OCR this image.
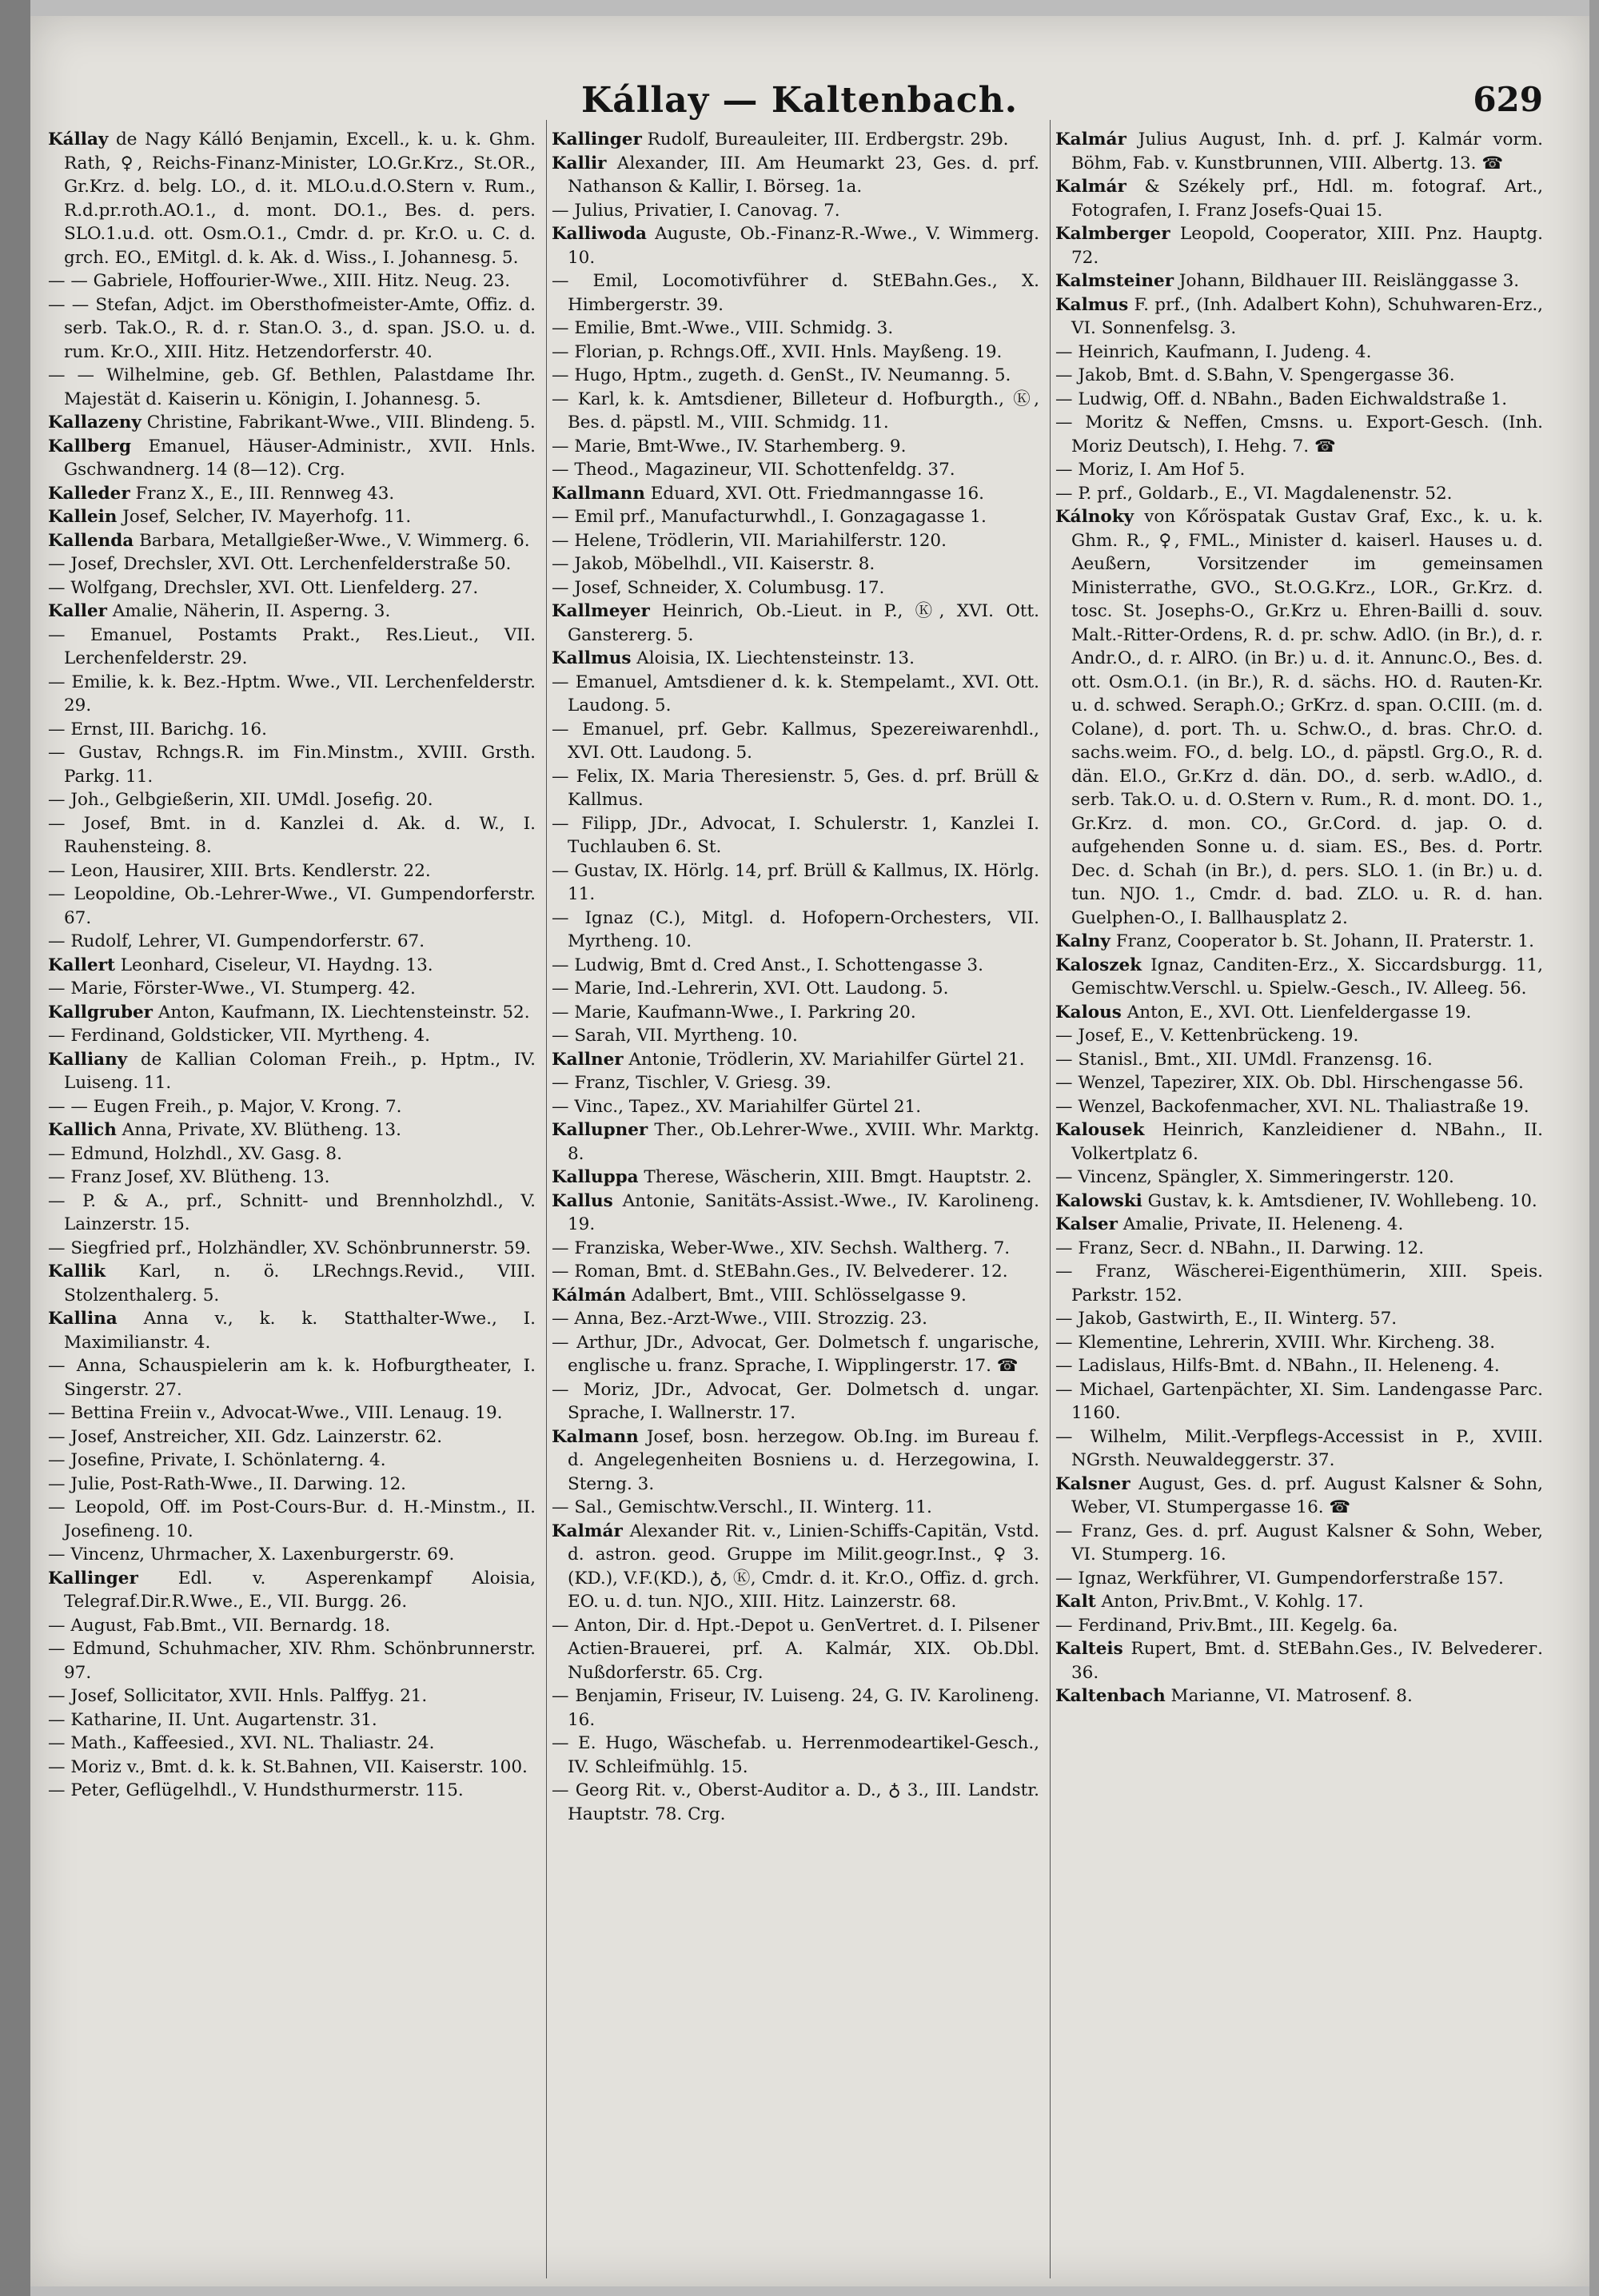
Kállay — Kaltenbach.	629
Kállay de Nagy Kálló Benjamin, Excell., k. u. k. Ghm. Rath, ♀, Reichs-Finanz-Minister, LO.Gr.Krz., St.OR., Gr.Krz. d. belg. LO., d. it. MLO.u.d.O.Stern v. Rum., R.d.pr.roth.AO.1., d. mont. DO.1., Bes. d. pers. SLO.1.u.d. ott. Osm.O.1., Cmdr. d. pr. Kr.O. u. C. d. grch. EO., EMitgl. d. k. Ak. d. Wiss., I. Johannesg. 5.
— — Gabriele, Hoffourier-Wwe., XIII. Hitz. Neug. 23.
— — Stefan, Adjct. im Obersthofmeister-Amte, Offiz. d. serb. Tak.O., R. d. r. Stan.O. 3., d. span. JS.O. u. d. rum. Kr.O., XIII. Hitz. Hetzendorferstr. 40.
— — Wilhelmine, geb. Gf. Bethlen, Palastdame Ihr. Majestät d. Kaiserin u. Königin, I. Johannesg. 5.
Kallazeny Christine, Fabrikant-Wwe., VIII. Blindeng. 5.
Kallberg Emanuel, Häuser-Administr., XVII. Hnls. Gschwandnerg. 14 (8—12). Crg.
Kalleder Franz X., E., III. Rennweg 43.
Kallein Josef, Selcher, IV. Mayerhofg. 11.
Kallenda Barbara, Metallgießer-Wwe., V. Wimmerg. 6.
— Josef, Drechsler, XVI. Ott. Lerchenfelderstraße 50.
— Wolfgang, Drechsler, XVI. Ott. Lienfelderg. 27.
Kaller Amalie, Näherin, II. Asperng. 3.
— Emanuel, Postamts Prakt., Res.Lieut., VII. Lerchenfelderstr. 29.
— Emilie, k. k. Bez.-Hptm. Wwe., VII. Lerchenfelderstr. 29.
— Ernst, III. Barichg. 16.
— Gustav, Rchngs.R. im Fin.Minstm., XVIII. Grsth. Parkg. 11.
— Joh., Gelbgießerin, XII. UMdl. Josefig. 20.
— Josef, Bmt. in d. Kanzlei d. Ak. d. W., I. Rauhensteing. 8.
— Leon, Hausirer, XIII. Brts. Kendlerstr. 22.
— Leopoldine, Ob.-Lehrer-Wwe., VI. Gumpendorferstr. 67.
— Rudolf, Lehrer, VI. Gumpendorferstr. 67.
Kallert Leonhard, Ciseleur, VI. Haydng. 13.
— Marie, Förster-Wwe., VI. Stumperg. 42.
Kallgruber Anton, Kaufmann, IX. Liechtensteinstr. 52.
— Ferdinand, Goldsticker, VII. Myrtheng. 4.
Kalliany de Kallian Coloman Freih., p. Hptm., IV. Luiseng. 11.
— — Eugen Freih., p. Major, V. Krong. 7.
Kallich Anna, Private, XV. Blütheng. 13.
— Edmund, Holzhdl., XV. Gasg. 8.
— Franz Josef, XV. Blütheng. 13.
— P. & A., prf., Schnitt- und Brennholzhdl., V. Lainzerstr. 15.
— Siegfried prf., Holzhändler, XV. Schönbrunnerstr. 59.
Kallik Karl, n. ö. LRechngs.Revid., VIII. Stolzenthalerg. 5.
Kallina Anna v., k. k. Statthalter-Wwe., I. Maximilianstr. 4.
— Anna, Schauspielerin am k. k. Hofburgtheater, I. Singerstr. 27.
— Bettina Freiin v., Advocat-Wwe., VIII. Lenaug. 19.
— Josef, Anstreicher, XII. Gdz. Lainzerstr. 62.
— Josefine, Private, I. Schönlaterng. 4.
— Julie, Post-Rath-Wwe., II. Darwing. 12.
— Leopold, Off. im Post-Cours-Bur. d. H.-Minstm., II. Josefineng. 10.
— Vincenz, Uhrmacher, X. Laxenburgerstr. 69.
Kallinger Edl. v. Asperenkampf Aloisia, Telegraf.Dir.R.Wwe., E., VII. Burgg. 26.
— August, Fab.Bmt., VII. Bernardg. 18.
— Edmund, Schuhmacher, XIV. Rhm. Schönbrunnerstr. 97.
— Josef, Sollicitator, XVII. Hnls. Palffyg. 21.
— Katharine, II. Unt. Augartenstr. 31.
— Math., Kaffeesied., XVI. NL. Thaliastr. 24.
— Moriz v., Bmt. d. k. k. St.Bahnen, VII. Kaiserstr. 100.
— Peter, Geflügelhdl., V. Hundsthurmerstr. 115.
Kallinger Rudolf, Bureauleiter, III. Erdbergstr. 29b.
Kallir Alexander, III. Am Heumarkt 23, Ges. d. prf. Nathanson & Kallir, I. Börseg. 1a.
— Julius, Privatier, I. Canovag. 7.
Kalliwoda Auguste, Ob.-Finanz-R.-Wwe., V. Wimmerg. 10.
— Emil, Locomotivführer d. StEBahn.Ges., X. Himbergerstr. 39.
— Emilie, Bmt.-Wwe., VIII. Schmidg. 3.
— Florian, p. Rchngs.Off., XVII. Hnls. Mayßeng. 19.
— Hugo, Hptm., zugeth. d. GenSt., IV. Neumanng. 5.
— Karl, k. k. Amtsdiener, Billeteur d. Hofburgth., Ⓚ, Bes. d. päpstl. M., VIII. Schmidg. 11.
— Marie, Bmt-Wwe., IV. Starhemberg. 9.
— Theod., Magazineur, VII. Schottenfeldg. 37.
Kallmann Eduard, XVI. Ott. Friedmanngasse 16.
— Emil prf., Manufacturwhdl., I. Gonzagagasse 1.
— Helene, Trödlerin, VII. Mariahilferstr. 120.
— Jakob, Möbelhdl., VII. Kaiserstr. 8.
— Josef, Schneider, X. Columbusg. 17.
Kallmeyer Heinrich, Ob.-Lieut. in P., Ⓚ, XVI. Ott. Ganstererg. 5.
Kallmus Aloisia, IX. Liechtensteinstr. 13.
— Emanuel, Amtsdiener d. k. k. Stempelamt., XVI. Ott. Laudong. 5.
— Emanuel, prf. Gebr. Kallmus, Spezereiwarenhdl., XVI. Ott. Laudong. 5.
— Felix, IX. Maria Theresienstr. 5, Ges. d. prf. Brüll & Kallmus.
— Filipp, JDr., Advocat, I. Schulerstr. 1, Kanzlei I. Tuchlauben 6. St.
— Gustav, IX. Hörlg. 14, prf. Brüll & Kallmus, IX. Hörlg. 11.
— Ignaz (C.), Mitgl. d. Hofopern-Orchesters, VII. Myrtheng. 10.
— Ludwig, Bmt d. Cred Anst., I. Schottengasse 3.
— Marie, Ind.-Lehrerin, XVI. Ott. Laudong. 5.
— Marie, Kaufmann-Wwe., I. Parkring 20.
— Sarah, VII. Myrtheng. 10.
Kallner Antonie, Trödlerin, XV. Mariahilfer Gürtel 21.
— Franz, Tischler, V. Griesg. 39.
— Vinc., Tapez., XV. Mariahilfer Gürtel 21.
Kallupner Ther., Ob.Lehrer-Wwe., XVIII. Whr. Marktg. 8.
Kalluppa Therese, Wäscherin, XIII. Bmgt. Hauptstr. 2.
Kallus Antonie, Sanitäts-Assist.-Wwe., IV. Karolineng. 19.
— Franziska, Weber-Wwe., XIV. Sechsh. Waltherg. 7.
— Roman, Bmt. d. StEBahn.Ges., IV. Belvederег. 12.
Kálmán Adalbert, Bmt., VIII. Schlösselgasse 9.
— Anna, Bez.-Arzt-Wwe., VIII. Strozzig. 23.
— Arthur, JDr., Advocat, Ger. Dolmetsch f. ungarische, englische u. franz. Sprache, I. Wipplingerstr. 17. ☎
— Moriz, JDr., Advocat, Ger. Dolmetsch d. ungar. Sprache, I. Wallnerstr. 17.
Kalmann Josef, bosn. herzegow. Ob.Ing. im Bureau f. d. Angelegenheiten Bosniens u. d. Herzegowina, I. Sterng. 3.
— Sal., Gemischtw.Verschl., II. Winterg. 11.
Kalmár Alexander Rit. v., Linien-Schiffs-Capitän, Vstd. d. astron. geod. Gruppe im Milit.geogr.Inst., ♀ 3. (KD.), V.F.(KD.), ♁, Ⓚ, Cmdr. d. it. Kr.O., Offiz. d. grch. EO. u. d. tun. NJO., XIII. Hitz. Lainzerstr. 68.
— Anton, Dir. d. Hpt.-Depot u. GenVertret. d. I. Pilsener Actien-Brauerei, prf. A. Kalmár, XIX. Ob.Dbl. Nußdorferstr. 65. Crg.
— Benjamin, Friseur, IV. Luiseng. 24, G. IV. Karolineng. 16.
— E. Hugo, Wäschefab. u. Herrenmodeartikel-Gesch., IV. Schleifmühlg. 15.
— Georg Rit. v., Oberst-Auditor a. D., ♁ 3., III. Landstr. Hauptstr. 78. Crg.
Kalmár Julius August, Inh. d. prf. J. Kalmár vorm. Böhm, Fab. v. Kunstbrunnen, VIII. Albertg. 13. ☎
Kalmár & Székely prf., Hdl. m. fotograf. Art., Fotografen, I. Franz Josefs-Quai 15.
Kalmberger Leopold, Cooperator, XIII. Pnz. Hauptg. 72.
Kalmsteiner Johann, Bildhauer III. Reislänggasse 3.
Kalmus F. prf., (Inh. Adalbert Kohn), Schuhwaren-Erz., VI. Sonnenfelsg. 3.
— Heinrich, Kaufmann, I. Judeng. 4.
— Jakob, Bmt. d. S.Bahn, V. Spengergasse 36.
— Ludwig, Off. d. NBahn., Baden Eichwaldstraße 1.
— Moritz & Neffen, Cmsns. u. Export-Gesch. (Inh. Moriz Deutsch), I. Hehg. 7. ☎
— Moriz, I. Am Hof 5.
— P. prf., Goldarb., E., VI. Magdalenenstr. 52.
Kálnoky von Kőröspatak Gustav Graf, Exc., k. u. k. Ghm. R., ♀, FML., Minister d. kaiserl. Hauses u. d. Aeußern, Vorsitzender im gemeinsamen Ministerrathe, GVO., St.O.G.Krz., LOR., Gr.Krz. d. tosc. St. Josephs-O., Gr.Krz u. Ehren-Bailli d. souv. Malt.-Ritter-Ordens, R. d. pr. schw. AdlO. (in Br.), d. r. Andr.O., d. r. AlRO. (in Br.) u. d. it. Annunc.O., Bes. d. ott. Osm.O.1. (in Br.), R. d. sächs. HO. d. Rauten-Kr. u. d. schwed. Seraph.O.; GrKrz. d. span. O.CIII. (m. d. Colane), d. port. Th. u. Schw.O., d. bras. Chr.O. d. sachs.weim. FO., d. belg. LO., d. päpstl. Grg.O., R. d. dän. El.O., Gr.Krz d. dän. DO., d. serb. w.AdlO., d. serb. Tak.O. u. d. O.Stern v. Rum., R. d. mont. DO. 1., Gr.Krz. d. mon. CO., Gr.Cord. d. jap. O. d. aufgehenden Sonne u. d. siam. ES., Bes. d. Portr. Dec. d. Schah (in Br.), d. pers. SLO. 1. (in Br.) u. d. tun. NJO. 1., Cmdr. d. bad. ZLO. u. R. d. han. Guelphen-O., I. Ballhausplatz 2.
Kalny Franz, Cooperator b. St. Johann, II. Praterstr. 1.
Kaloszek Ignaz, Canditen-Erz., X. Siccardsburgg. 11, Gemischtw.Verschl. u. Spielw.-Gesch., IV. Alleeg. 56.
Kalous Anton, E., XVI. Ott. Lienfeldergasse 19.
— Josef, E., V. Kettenbrückeng. 19.
— Stanisl., Bmt., XII. UMdl. Franzensg. 16.
— Wenzel, Tapezirer, XIX. Ob. Dbl. Hirschengasse 56.
— Wenzel, Backofenmacher, XVI. NL. Thaliastraße 19.
Kalousek Heinrich, Kanzleidiener d. NBahn., II. Volkertplatz 6.
— Vincenz, Spängler, X. Simmeringerstr. 120.
Kalowski Gustav, k. k. Amtsdiener, IV. Wohllebeng. 10.
Kalser Amalie, Private, II. Heleneng. 4.
— Franz, Secr. d. NBahn., II. Darwing. 12.
— Franz, Wäscherei-Eigenthümerin, XIII. Speis. Parkstr. 152.
— Jakob, Gastwirth, E., II. Winterg. 57.
— Klementine, Lehrerin, XVIII. Whr. Kircheng. 38.
— Ladislaus, Hilfs-Bmt. d. NBahn., II. Heleneng. 4.
— Michael, Gartenpächter, XI. Sim. Landengasse Parc. 1160.
— Wilhelm, Milit.-Verpflegs-Accessist in P., XVIII. NGrsth. Neuwaldeggerstr. 37.
Kalsner August, Ges. d. prf. August Kalsner & Sohn, Weber, VI. Stumpergasse 16. ☎
— Franz, Ges. d. prf. August Kalsner & Sohn, Weber, VI. Stumperg. 16.
— Ignaz, Werkführer, VI. Gumpendorferstraße 157.
Kalt Anton, Priv.Bmt., V. Kohlg. 17.
— Ferdinand, Priv.Bmt., III. Kegelg. 6a.
Kalteis Rupert, Bmt. d. StEBahn.Ges., IV. Belvederег. 36.
Kaltenbach Marianne, VI. Matrosenf. 8.
